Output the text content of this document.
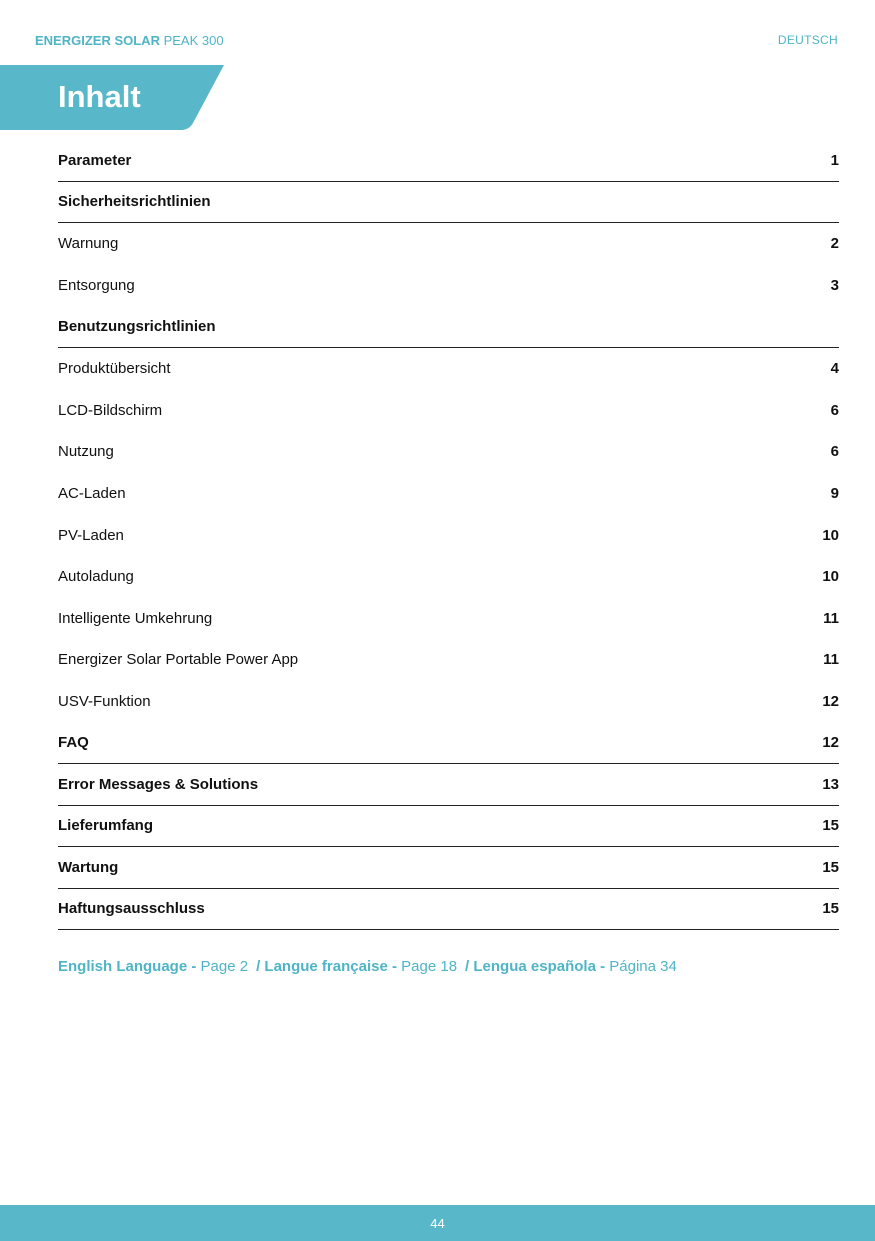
ENERGIZER SOLAR PEAK 300	DEUTSCH
Inhalt
Parameter	1
Sicherheitsrichtlinien
Warnung	2
Entsorgung	3
Benutzungsrichtlinien
Produktübersicht	4
LCD-Bildschirm	6
Nutzung	6
AC-Laden	9
PV-Laden	10
Autoladung	10
Intelligente Umkehrung	11
Energizer Solar Portable Power App	11
USV-Funktion	12
FAQ	12
Error Messages & Solutions	13
Lieferumfang	15
Wartung	15
Haftungsausschluss	15
English Language - Page 2 / Langue française - Page 18 / Lengua española - Página 34
44
